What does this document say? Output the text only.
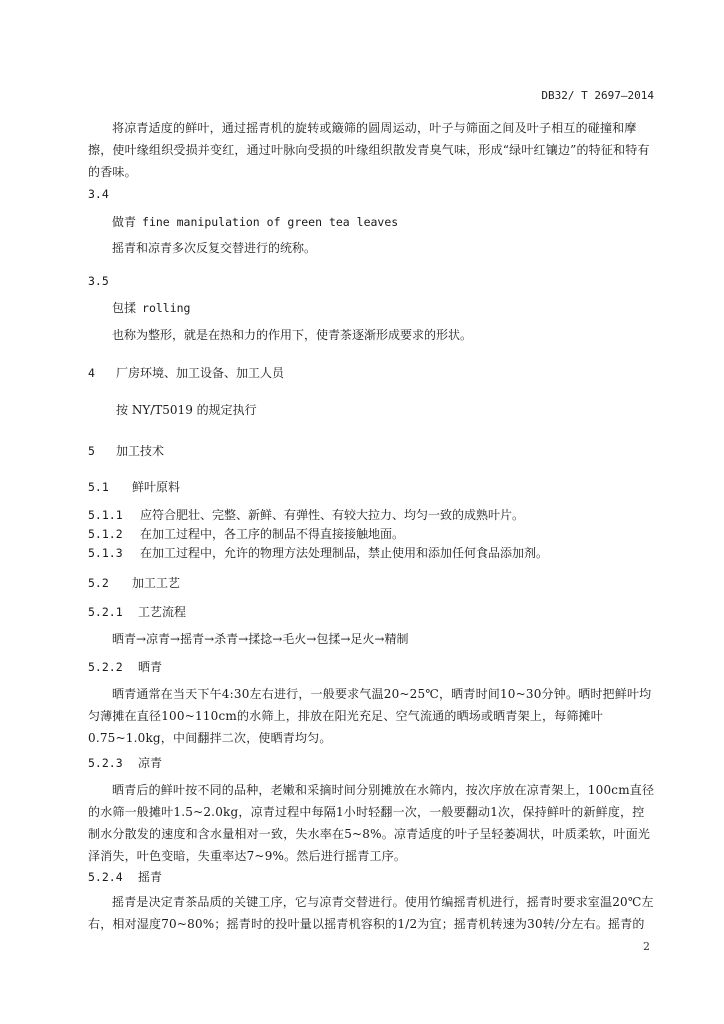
DB32/ T 2697—2014
将凉青适度的鲜叶，通过摇青机的旋转或簸筛的圆周运动，叶子与筛面之间及叶子相互的碰撞和摩擦，使叶缘组织受损并变红，通过叶脉向受损的叶缘组织散发青臭气味，形成“绿叶红镶边”的特征和特有的香味。
3.4
做青 fine manipulation of green tea leaves
摇青和凉青多次反复交替进行的统称。
3.5
包揉 rolling
也称为整形，就是在热和力的作用下，使青茶逐渐形成要求的形状。
4 厂房环境、加工设备、加工人员
按 NY/T5019 的规定执行
5 加工技术
5.1 鲜叶原料
5.1.1 应符合肥壮、完整、新鲜、有弹性、有较大拉力、均匀一致的成熟叶片。
5.1.2 在加工过程中，各工序的制品不得直接接触地面。
5.1.3 在加工过程中，允许的物理方法处理制品，禁止使用和添加任何食品添加剂。
5.2 加工工艺
5.2.1 工艺流程
晒青→凉青→摇青→杀青→揉捻→毛火→包揉→足火→精制
5.2.2 晒青
晒青通常在当天下午4:30左右进行，一般要求气温20~25℃，晒青时间10~30分钟。晒时把鲜叶均匀薄摊在直径100~110cm的水筛上，排放在阳光充足、空气流通的晒场或晒青架上，每筛摊叶0.75~1.0kg，中间翻拌二次，使晒青均匀。
5.2.3 凉青
晒青后的鲜叶按不同的品种，老嫩和采摘时间分别摊放在水筛内，按次序放在凉青架上，100cm直径的水筛一般摊叶1.5~2.0kg，凉青过程中每隔1小时轻翻一次，一般要翻动1次，保持鲜叶的新鲜度，控制水分散发的速度和含水量相对一致，失水率在5~8%。凉青适度的叶子呈轻萎凋状，叶质柔软，叶面光泽消失，叶色变暗，失重率达7~9%。然后进行摇青工序。
5.2.4 摇青
摇青是决定青茶品质的关键工序，它与凉青交替进行。使用竹编摇青机进行，摇青时要求室温20℃左右，相对湿度70~80%；摇青时的投叶量以摇青机容积的1/2为宜；摇青机转速为30转/分左右。摇青的
2
